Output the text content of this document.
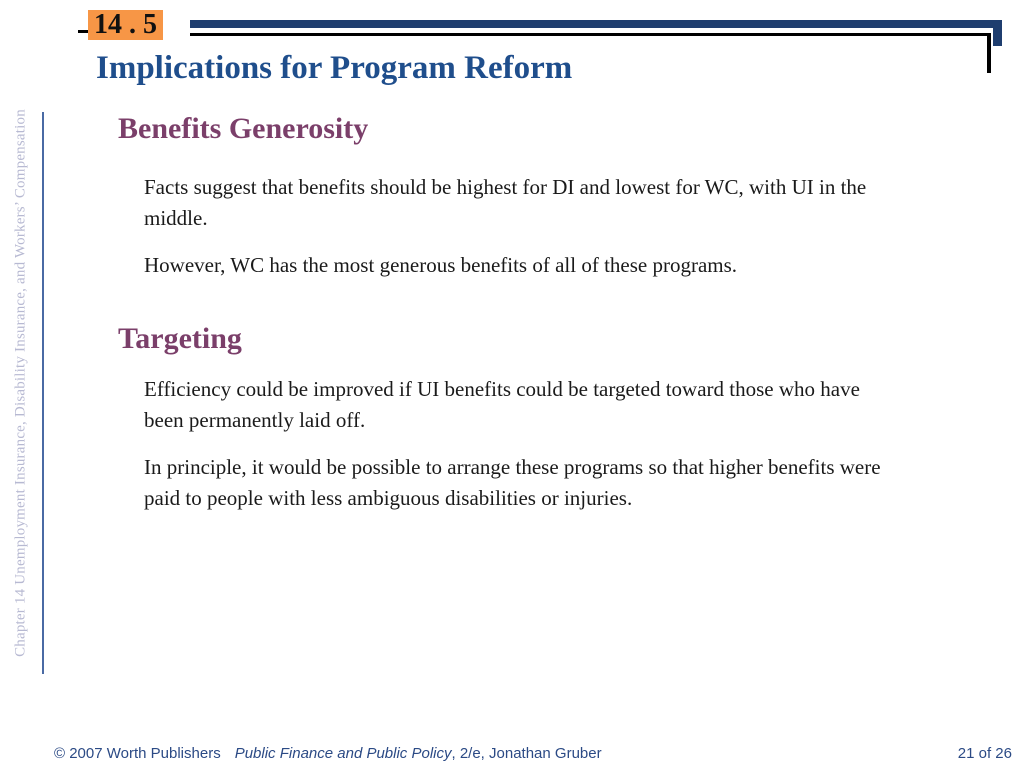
Chapter 14 Unemployment Insurance, Disability Insurance, and Workers’ Compensation
14 . 5
Implications for Program Reform
Benefits Generosity

Facts suggest that benefits should be highest for DI and lowest for WC, with UI in the middle.

However, WC has the most generous benefits of all of these programs.

Targeting

Efficiency could be improved if UI benefits could be targeted toward those who have been permanently laid off.

In principle, it would be possible to arrange these programs so that higher benefits were paid to people with less ambiguous disabilities or injuries.

© 2007 Worth Publishers Public Finance and Public Policy, 2/e, Jonathan Gruber	21 of 26
